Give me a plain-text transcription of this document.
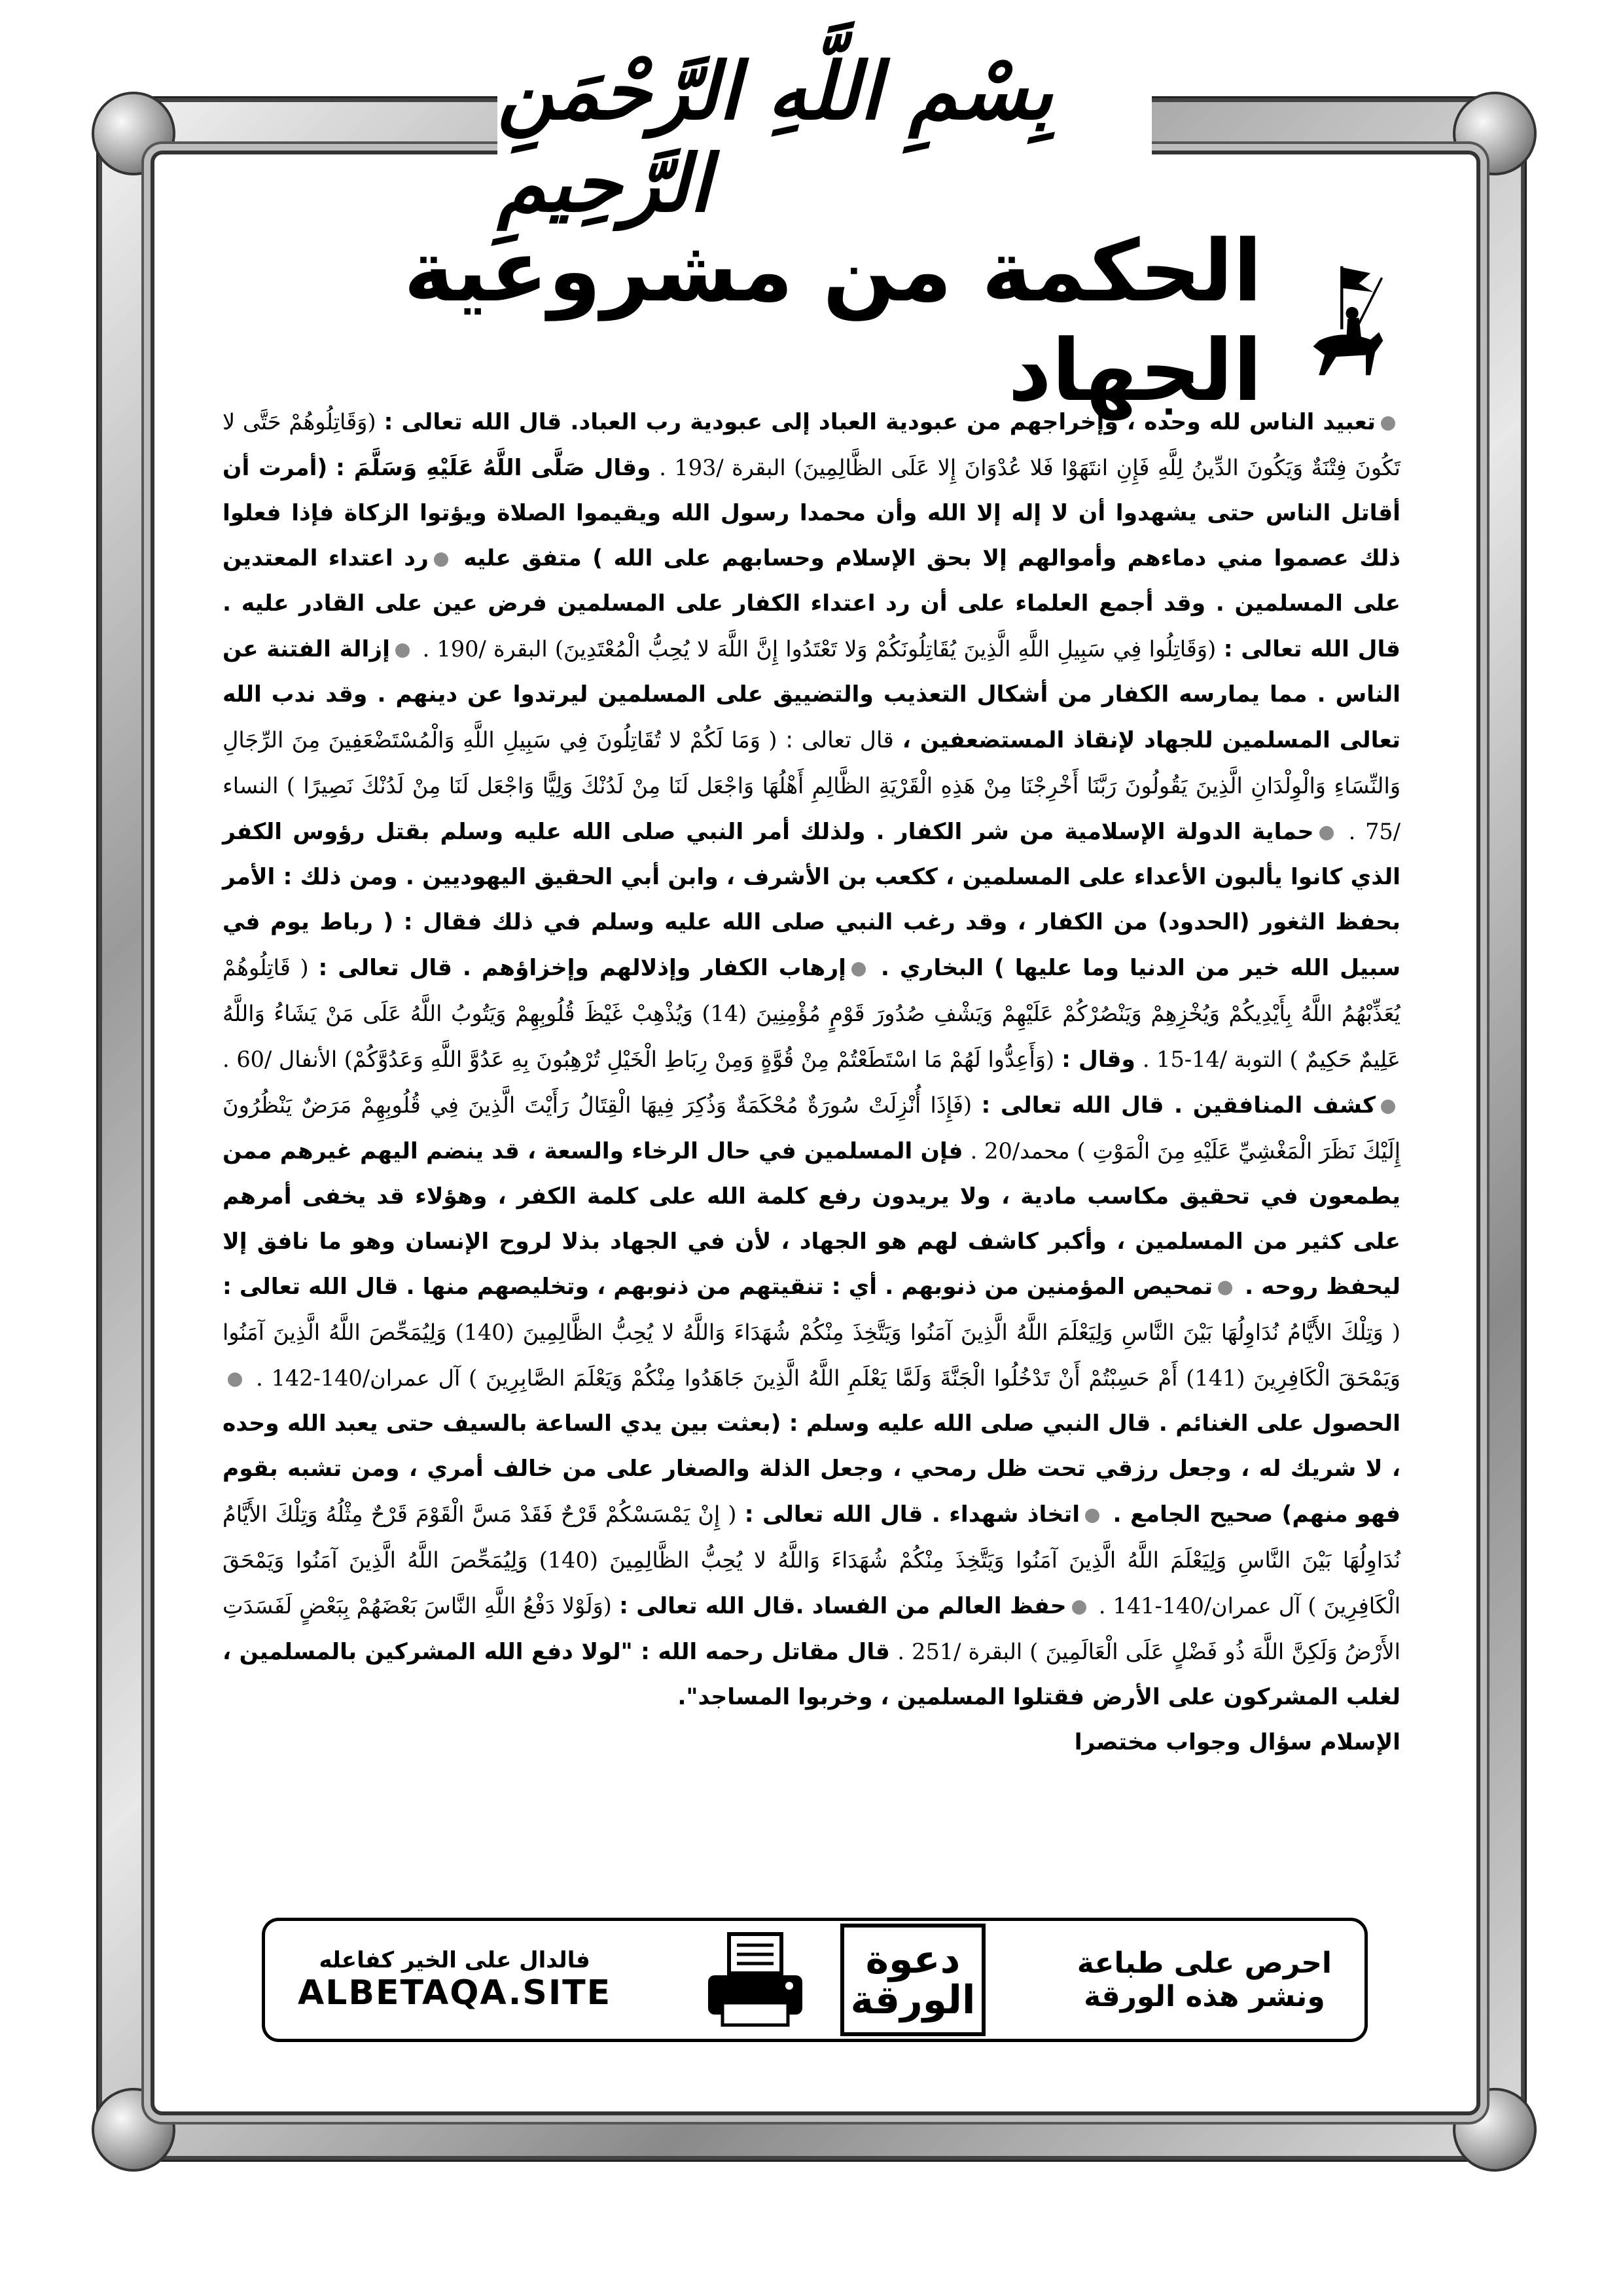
بِسْمِ اللَّهِ الرَّحْمَنِ الرَّحِيمِ
الحكمة من مشروعية الجهاد

تعبيد الناس لله وحده ، وإخراجهم من عبودية العباد إلى عبودية رب العباد. قال الله تعالى : (وَقَاتِلُوهُمْ حَتَّى لا تَكُونَ فِتْنَةٌ وَيَكُونَ الدِّينُ لِلَّهِ فَإِنِ انتَهَوْا فَلا عُدْوَانَ إِلا عَلَى الظَّالِمِينَ) البقرة /193 . وقال صَلَّى اللَّهُ عَلَيْهِ وَسَلَّمَ : (أمرت أن أقاتل الناس حتى يشهدوا أن لا إله إلا الله وأن محمدا رسول الله ويقيموا الصلاة ويؤتوا الزكاة فإذا فعلوا ذلك عصموا مني دماءهم وأموالهم إلا بحق الإسلام وحسابهم على الله ) متفق عليه رد اعتداء المعتدين على المسلمين . وقد أجمع العلماء على أن رد اعتداء الكفار على المسلمين فرض عين على القادر عليه . قال الله تعالى : (وَقَاتِلُوا فِي سَبِيلِ اللَّهِ الَّذِينَ يُقَاتِلُونَكُمْ وَلا تَعْتَدُوا إِنَّ اللَّهَ لا يُحِبُّ الْمُعْتَدِينَ) البقرة /190 . إزالة الفتنة عن الناس . مما يمارسه الكفار من أشكال التعذيب والتضييق على المسلمين ليرتدوا عن دينهم . وقد ندب الله تعالى المسلمين للجهاد لإنقاذ المستضعفين ، قال تعالى : ( وَمَا لَكُمْ لا تُقَاتِلُونَ فِي سَبِيلِ اللَّهِ وَالْمُسْتَضْعَفِينَ مِنَ الرِّجَالِ وَالنِّسَاءِ وَالْوِلْدَانِ الَّذِينَ يَقُولُونَ رَبَّنَا أَخْرِجْنَا مِنْ هَذِهِ الْقَرْيَةِ الظَّالِمِ أَهْلُهَا وَاجْعَل لَنَا مِنْ لَدُنْكَ وَلِيًّا وَاجْعَل لَنَا مِنْ لَدُنْكَ نَصِيرًا ) النساء /75 . حماية الدولة الإسلامية من شر الكفار . ولذلك أمر النبي صلى الله عليه وسلم بقتل رؤوس الكفر الذي كانوا يألبون الأعداء على المسلمين ، ككعب بن الأشرف ، وابن أبي الحقيق اليهوديين . ومن ذلك : الأمر بحفظ الثغور (الحدود) من الكفار ، وقد رغب النبي صلى الله عليه وسلم في ذلك فقال : ( رباط يوم في سبيل الله خير من الدنيا وما عليها ) البخاري . إرهاب الكفار وإذلالهم وإخزاؤهم . قال تعالى : ( قَاتِلُوهُمْ يُعَذِّبْهُمُ اللَّهُ بِأَيْدِيكُمْ وَيُخْزِهِمْ وَيَنْصُرْكُمْ عَلَيْهِمْ وَيَشْفِ صُدُورَ قَوْمٍ مُؤْمِنِينَ (14) وَيُذْهِبْ غَيْظَ قُلُوبِهِمْ وَيَتُوبُ اللَّهُ عَلَى مَنْ يَشَاءُ وَاللَّهُ عَلِيمٌ حَكِيمٌ ) التوبة /14-15 . وقال : (وَأَعِدُّوا لَهُمْ مَا اسْتَطَعْتُمْ مِنْ قُوَّةٍ وَمِنْ رِبَاطِ الْخَيْلِ تُرْهِبُونَ بِهِ عَدُوَّ اللَّهِ وَعَدُوَّكُمْ) الأنفال /60 . كشف المنافقين . قال الله تعالى : (فَإِذَا أُنْزِلَتْ سُورَةٌ مُحْكَمَةٌ وَذُكِرَ فِيهَا الْقِتَالُ رَأَيْتَ الَّذِينَ فِي قُلُوبِهِمْ مَرَضٌ يَنْظُرُونَ إِلَيْكَ نَظَرَ الْمَغْشِيِّ عَلَيْهِ مِنَ الْمَوْتِ ) محمد/20 . فإن المسلمين في حال الرخاء والسعة ، قد ينضم اليهم غيرهم ممن يطمعون في تحقيق مكاسب مادية ، ولا يريدون رفع كلمة الله على كلمة الكفر ، وهؤلاء قد يخفى أمرهم على كثير من المسلمين ، وأكبر كاشف لهم هو الجهاد ، لأن في الجهاد بذلا لروح الإنسان وهو ما نافق إلا ليحفظ روحه . تمحيص المؤمنين من ذنوبهم . أي : تنقيتهم من ذنوبهم ، وتخليصهم منها . قال الله تعالى : ( وَتِلْكَ الأَيَّامُ نُدَاوِلُهَا بَيْنَ النَّاسِ وَلِيَعْلَمَ اللَّهُ الَّذِينَ آمَنُوا وَيَتَّخِذَ مِنْكُمْ شُهَدَاءَ وَاللَّهُ لا يُحِبُّ الظَّالِمِينَ (140) وَلِيُمَحِّصَ اللَّهُ الَّذِينَ آمَنُوا وَيَمْحَقَ الْكَافِرِينَ (141) أَمْ حَسِبْتُمْ أَنْ تَدْخُلُوا الْجَنَّةَ وَلَمَّا يَعْلَمِ اللَّهُ الَّذِينَ جَاهَدُوا مِنْكُمْ وَيَعْلَمَ الصَّابِرِينَ ) آل عمران/140-142 . الحصول على الغنائم . قال النبي صلى الله عليه وسلم : (بعثت بين يدي الساعة بالسيف حتى يعبد الله وحده ، لا شريك له ، وجعل رزقي تحت ظل رمحي ، وجعل الذلة والصغار على من خالف أمري ، ومن تشبه بقوم فهو منهم) صحيح الجامع . اتخاذ شهداء . قال الله تعالى : ( إِنْ يَمْسَسْكُمْ قَرْحٌ فَقَدْ مَسَّ الْقَوْمَ قَرْحٌ مِثْلُهُ وَتِلْكَ الأَيَّامُ نُدَاوِلُهَا بَيْنَ النَّاسِ وَلِيَعْلَمَ اللَّهُ الَّذِينَ آمَنُوا وَيَتَّخِذَ مِنْكُمْ شُهَدَاءَ وَاللَّهُ لا يُحِبُّ الظَّالِمِينَ (140) وَلِيُمَحِّصَ اللَّهُ الَّذِينَ آمَنُوا وَيَمْحَقَ الْكَافِرِينَ ) آل عمران/140-141 . حفظ العالم من الفساد .قال الله تعالى : (وَلَوْلا دَفْعُ اللَّهِ النَّاسَ بَعْضَهُمْ بِبَعْضٍ لَفَسَدَتِ الأَرْضُ وَلَكِنَّ اللَّهَ ذُو فَضْلٍ عَلَى الْعَالَمِينَ ) البقرة /251 . قال مقاتل رحمه الله : "لولا دفع الله المشركين بالمسلمين ، لغلب المشركون على الأرض فقتلوا المسلمين ، وخربوا المساجد".

الإسلام سؤال وجواب مختصرا

فالدال على الخير كفاعله
ALBETAQA.SITE
دعوة الورقة
احرص على طباعة
ونشر هذه الورقة
